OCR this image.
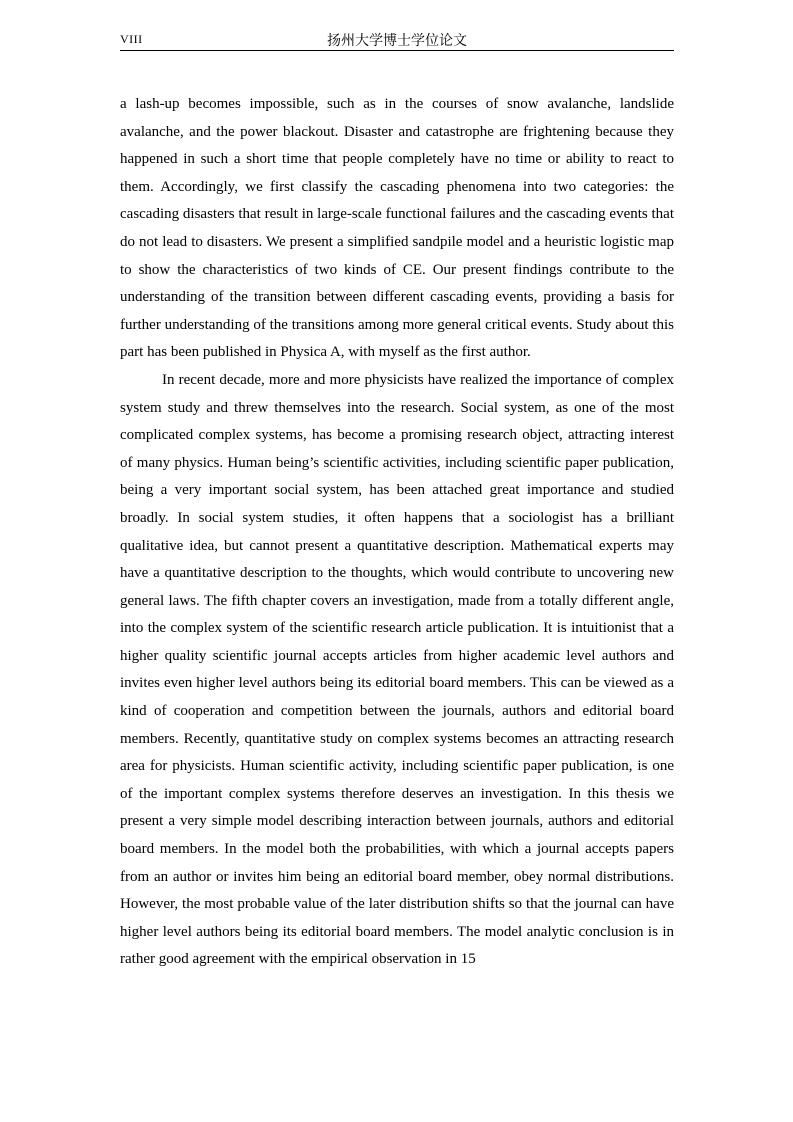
VIII	扬州大学博士学位论文

a lash-up becomes impossible, such as in the courses of snow avalanche, landslide avalanche, and the power blackout. Disaster and catastrophe are frightening because they happened in such a short time that people completely have no time or ability to react to them. Accordingly, we first classify the cascading phenomena into two categories: the cascading disasters that result in large-scale functional failures and the cascading events that do not lead to disasters. We present a simplified sandpile model and a heuristic logistic map to show the characteristics of two kinds of CE. Our present findings contribute to the understanding of the transition between different cascading events, providing a basis for further understanding of the transitions among more general critical events. Study about this part has been published in Physica A, with myself as the first author.

In recent decade, more and more physicists have realized the importance of complex system study and threw themselves into the research. Social system, as one of the most complicated complex systems, has become a promising research object, attracting interest of many physics. Human being’s scientific activities, including scientific paper publication, being a very important social system, has been attached great importance and studied broadly. In social system studies, it often happens that a sociologist has a brilliant qualitative idea, but cannot present a quantitative description. Mathematical experts may have a quantitative description to the thoughts, which would contribute to uncovering new general laws. The fifth chapter covers an investigation, made from a totally different angle, into the complex system of the scientific research article publication. It is intuitionist that a higher quality scientific journal accepts articles from higher academic level authors and invites even higher level authors being its editorial board members. This can be viewed as a kind of cooperation and competition between the journals, authors and editorial board members. Recently, quantitative study on complex systems becomes an attracting research area for physicists. Human scientific activity, including scientific paper publication, is one of the important complex systems therefore deserves an investigation. In this thesis we present a very simple model describing interaction between journals, authors and editorial board members. In the model both the probabilities, with which a journal accepts papers from an author or invites him being an editorial board member, obey normal distributions. However, the most probable value of the later distribution shifts so that the journal can have higher level authors being its editorial board members. The model analytic conclusion is in rather good agreement with the empirical observation in 15
